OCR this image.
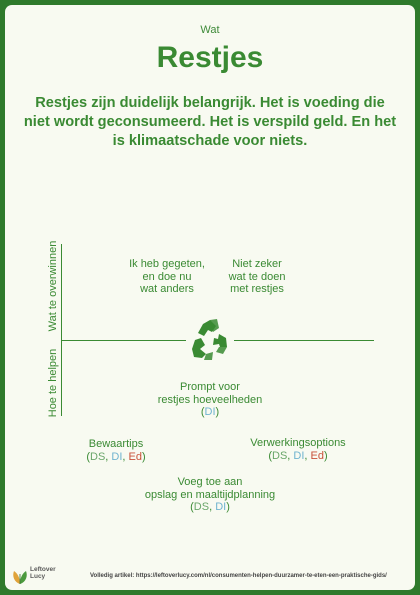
Wat
Restjes
Restjes zijn duidelijk belangrijk. Het is voeding die niet wordt geconsumeerd. Het is verspild geld. En het is klimaatschade voor niets.
Wat te overwinnen
Hoe te helpen
Ik heb gegeten,
en doe nu
wat anders
Niet zeker
wat te doen
met restjes
Prompt voor
restjes hoeveelheden
(DI)
Bewaartips
(DS, DI, Ed)
Verwerkingsoptions
(DS, DI, Ed)
Voeg toe aan
opslag en maaltijdplanning
(DS, DI)
Leftover
Lucy	Volledig artikel: https://leftoverlucy.com/nl/consumenten-helpen-duurzamer-te-eten-een-praktische-gids/
